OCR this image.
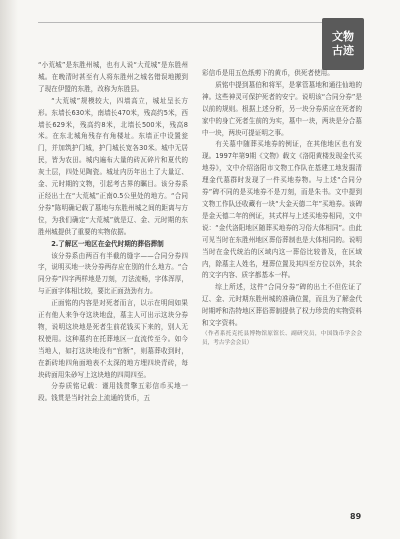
文物
古迹

“小荒城”是东胜州城，也有人说“大荒城”是东胜州城。在晚清时甚至有人将东胜州之城名错误地搬到了现在伊盟的东胜，改称为东胜县。

“大荒城”规模较大，四墙高立，城址呈长方形。东墙长630米，南墙长470米，残高约5米，西墙长629米，残高约8米，北墙长500米，残高8米。在东北城角残存有角楼址。东墙正中设置瓮门，并加筑护门城，护门城长宽各30米。城中无居民，皆为农田。城内遍布大量的砖瓦碎片和夏代的灰土层，四处见陶瓷。城址内历年出土了大量辽、金、元时期的文物，引起考古界的瞩目。该分券系正经出土在“大荒城”正南0.5公里处的地方。“合同分券”陈明确记载了墓地与东胜州城之间的距离与方位，为我们确定“大荒城”就是辽、金、元时期的东胜州城提供了重要的实物依据。

2.了解区一地区在金代时期的葬俗葬制

该分券系由两百有半截的缝字——合同分券四字，说明买地一块分券两存应在别的什么地方。“合同分券”四字两样地是刀刻，刀法流畅，字体浑厚，与正面字体相比较，要比正面劲劲有力。

正面铭的内容是对死者而言，以示在明间如果正有他人来争夺这块地盘，墓主人可出示这块分券物，说明这块地是死者生前花钱买下来的，别人无权使用。这种墓约在托葬地区一直流传至今。如今当地人，如打这块地没有“官断”，则墓葬收到时，在新砖地四角面地表不太深的地方埋四块青砖，每块砖面用朱砂写上这块地的四周四至。

分券质铭记载：谨用钱贯擎五彩信币买地一段。钱贯是当时社会上流通的货币，五

彩信币是用五色纸剪下的黄币，供死者使用。

质铭中提到墓伯和将军，是掌管墓地和通往仙地的神。这些神灵可保护死者的安宁。说明该“合同分券”是以前的规则。根据上述分析，另一块分券质应在死者的家中的身亡死者生前的为实，墓中一块，两块是分合墓中一块，两块可提证明之事。

有关墓中随葬买地券的例证，在其他地区也有发现。1997年第9期《文物》载文《洛阳黄楼发现金代买地券》，文中介绍洛阳市文物工作队在基建工地发掘清理金代墓群时发现了一件买地券物。与上述“合同分券”碑不同的是买地券不是刀刻，而是朱书。文中提到文物工作队还收藏有一块“大金天德二年”买地券。该碑是金天德二年的例证，其式样与上述买地券相同，文中说：“金代洛阳地区随葬买地券的习俗大体相同”。由此可见当时在东胜州地区葬俗葬制也是大体相同的。说明当时在金代统治的区域内这一葬俗比较普及，在区域内，除墓主人姓名，埋葬位置及其四至方位以外，其余的文字内容、质字都基本一样。

综上所述，这件“合同分券”碑的出土不但佐证了辽、金、元时期东胜州城的准确位置，而且为了解金代时期呼和浩特地区葬俗葬制提供了权力珍贵的实物资料和文字资料。

（作者系托克托县博物馆原馆长、副研究员，中国钱币学会会员，考古学会会员）

89
